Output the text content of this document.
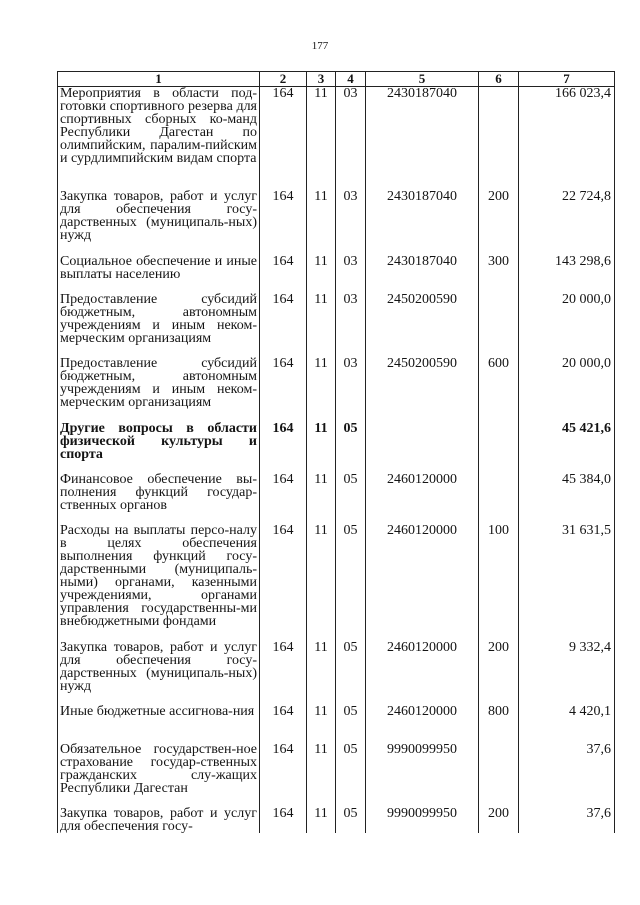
177
1	2	3	4	5	6	7
Мероприятия в области под-готовки спортивного резерва для спортивных сборных ко-манд Республики Дагестан по олимпийским, паралим-пийским и сурдлимпийским видам спорта	164	11	03	2430187040		166 023,4
Закупка товаров, работ и услуг для обеспечения госу-дарственных (муниципаль-ных) нужд	164	11	03	2430187040	200	22 724,8
Социальное обеспечение и иные выплаты населению	164	11	03	2430187040	300	143 298,6
Предоставление субсидий бюджетным, автономным учреждениям и иным неком-мерческим организациям	164	11	03	2450200590		20 000,0
Предоставление субсидий бюджетным, автономным учреждениям и иным неком-мерческим организациям	164	11	03	2450200590	600	20 000,0
Другие вопросы в области физической культуры и спорта	164	11	05			45 421,6
Финансовое обеспечение вы-полнения функций государ-ственных органов	164	11	05	2460120000		45 384,0
Расходы на выплаты персо-налу в целях обеспечения выполнения функций госу-дарственными (муниципаль-ными) органами, казенными учреждениями, органами управления государственны-ми внебюджетными фондами	164	11	05	2460120000	100	31 631,5
Закупка товаров, работ и услуг для обеспечения госу-дарственных (муниципаль-ных) нужд	164	11	05	2460120000	200	9 332,4
Иные бюджетные ассигнова-ния	164	11	05	2460120000	800	4 420,1
Обязательное государствен-ное страхование государ-ственных гражданских слу-жащих Республики Дагестан	164	11	05	9990099950		37,6
Закупка товаров, работ и услуг для обеспечения госу-	164	11	05	9990099950	200	37,6
